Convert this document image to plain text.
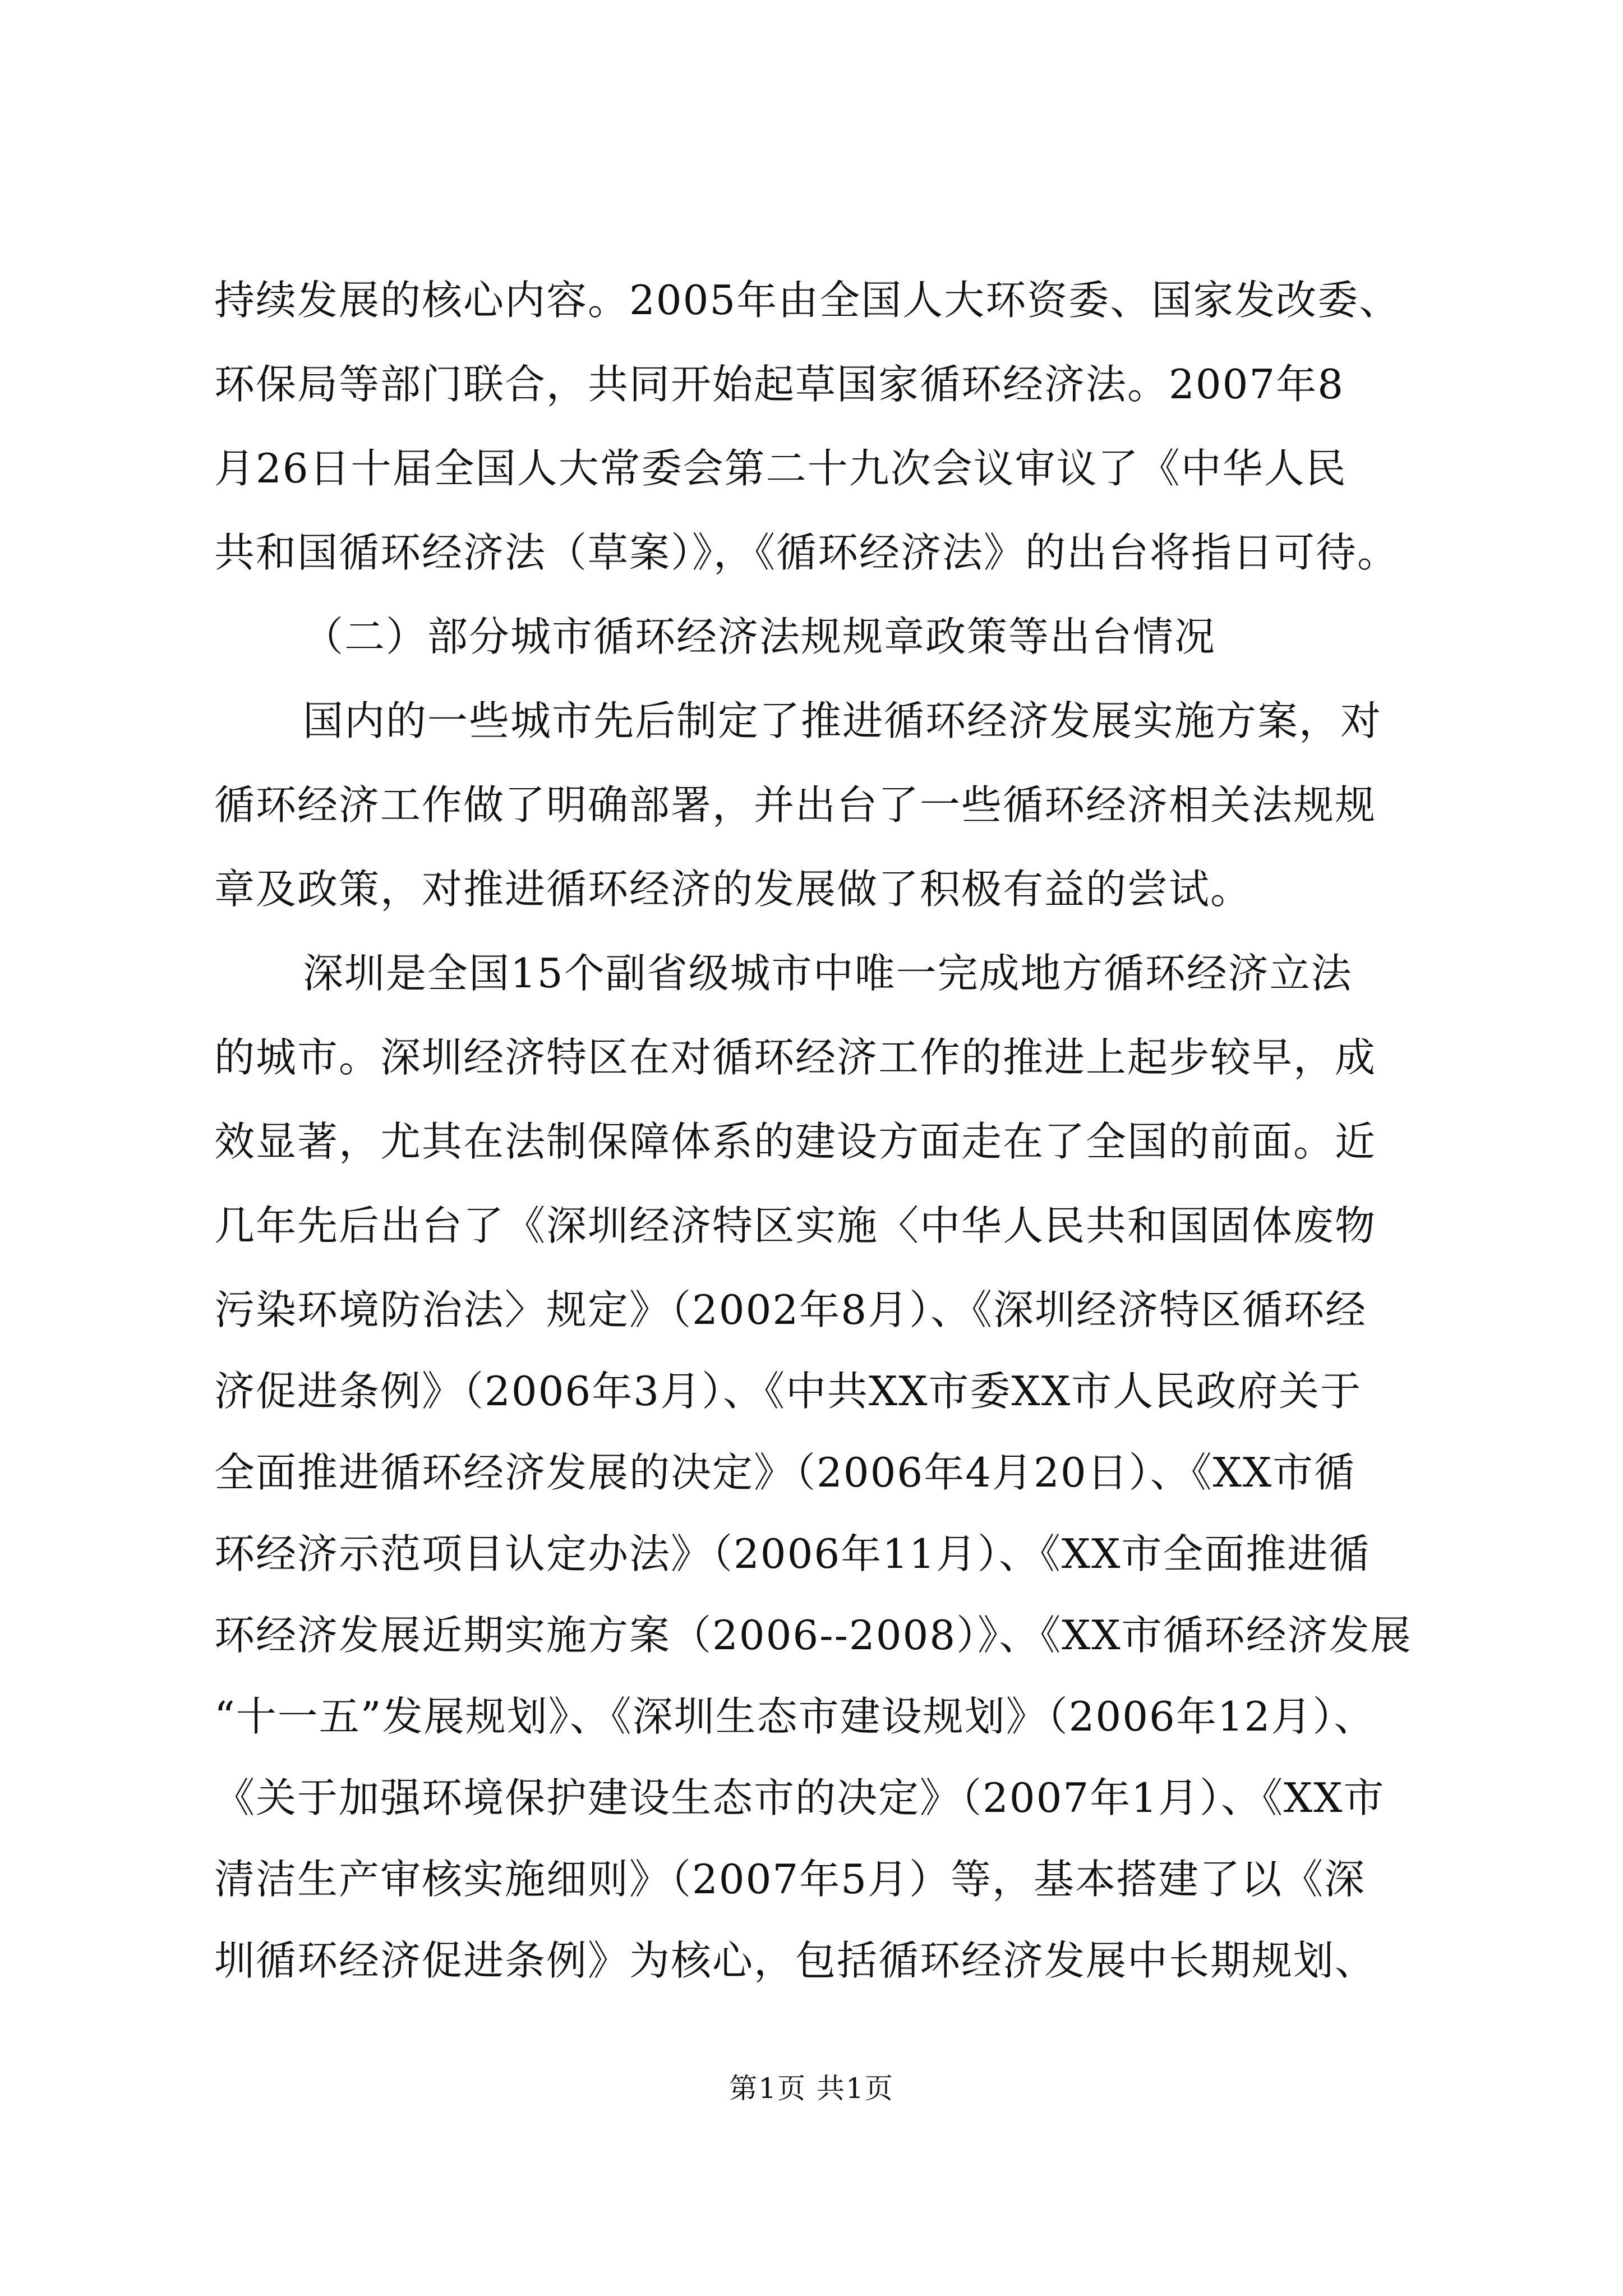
持续发展的核心内容。2005年由全国人大环资委、国家发改委、
环保局等部门联合，共同开始起草国家循环经济法。2007年8
月26日十届全国人大常委会第二十九次会议审议了《中华人民
共和国循环经济法（草案）》，《循环经济法》的出台将指日可待。
（二）部分城市循环经济法规规章政策等出台情况
国内的一些城市先后制定了推进循环经济发展实施方案，对
循环经济工作做了明确部署，并出台了一些循环经济相关法规规
章及政策，对推进循环经济的发展做了积极有益的尝试。
深圳是全国15个副省级城市中唯一完成地方循环经济立法
的城市。深圳经济特区在对循环经济工作的推进上起步较早，成
效显著，尤其在法制保障体系的建设方面走在了全国的前面。近
几年先后出台了《深圳经济特区实施〈中华人民共和国固体废物
污染环境防治法〉规定》（2002年8月）、《深圳经济特区循环经
济促进条例》（2006年3月）、《中共XX市委XX市人民政府关于
全面推进循环经济发展的决定》（2006年4月20日）、《XX市循
环经济示范项目认定办法》（2006年11月）、《XX市全面推进循
环经济发展近期实施方案（2006--2008）》、《XX市循环经济发展
“十一五”发展规划》、《深圳生态市建设规划》（2006年12月）、
《关于加强环境保护建设生态市的决定》（2007年1月）、《XX市
清洁生产审核实施细则》（2007年5月）等，基本搭建了以《深
第1页 共1页
圳循环经济促进条例》为核心，包括循环经济发展中长期规划、
